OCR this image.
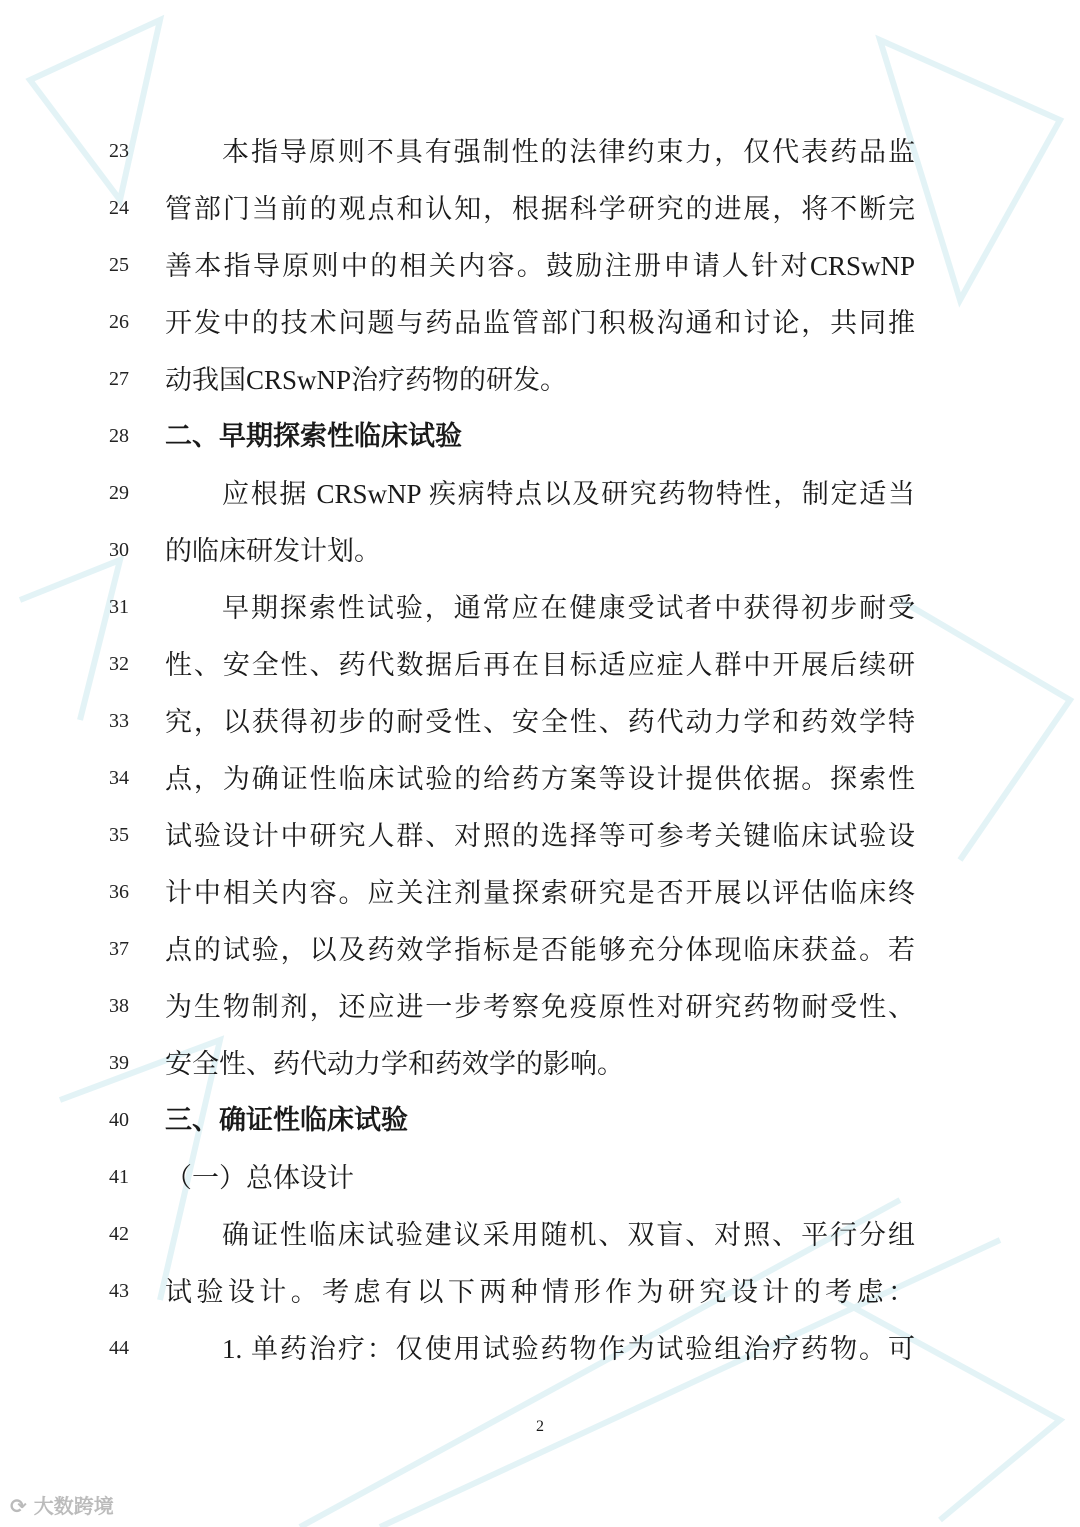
23	本指导原则不具有强制性的法律约束力，仅代表药品监
24	管部门当前的观点和认知，根据科学研究的进展，将不断完
25	善本指导原则中的相关内容。鼓励注册申请人针对CRSwNP
26	开发中的技术问题与药品监管部门积极沟通和讨论，共同推
27	动我国CRSwNP治疗药物的研发。
28	二、早期探索性临床试验
29	应根据 CRSwNP 疾病特点以及研究药物特性，制定适当
30	的临床研发计划。
31	早期探索性试验，通常应在健康受试者中获得初步耐受
32	性、安全性、药代数据后再在目标适应症人群中开展后续研
33	究，以获得初步的耐受性、安全性、药代动力学和药效学特
34	点，为确证性临床试验的给药方案等设计提供依据。探索性
35	试验设计中研究人群、对照的选择等可参考关键临床试验设
36	计中相关内容。应关注剂量探索研究是否开展以评估临床终
37	点的试验，以及药效学指标是否能够充分体现临床获益。若
38	为生物制剂，还应进一步考察免疫原性对研究药物耐受性、
39	安全性、药代动力学和药效学的影响。
40	三、确证性临床试验
41	（一）总体设计
42	确证性临床试验建议采用随机、双盲、对照、平行分组
43	试验设计。考虑有以下两种情形作为研究设计的考虑：
44	1. 单药治疗：仅使用试验药物作为试验组治疗药物。可
2
⟳ 大数跨境
